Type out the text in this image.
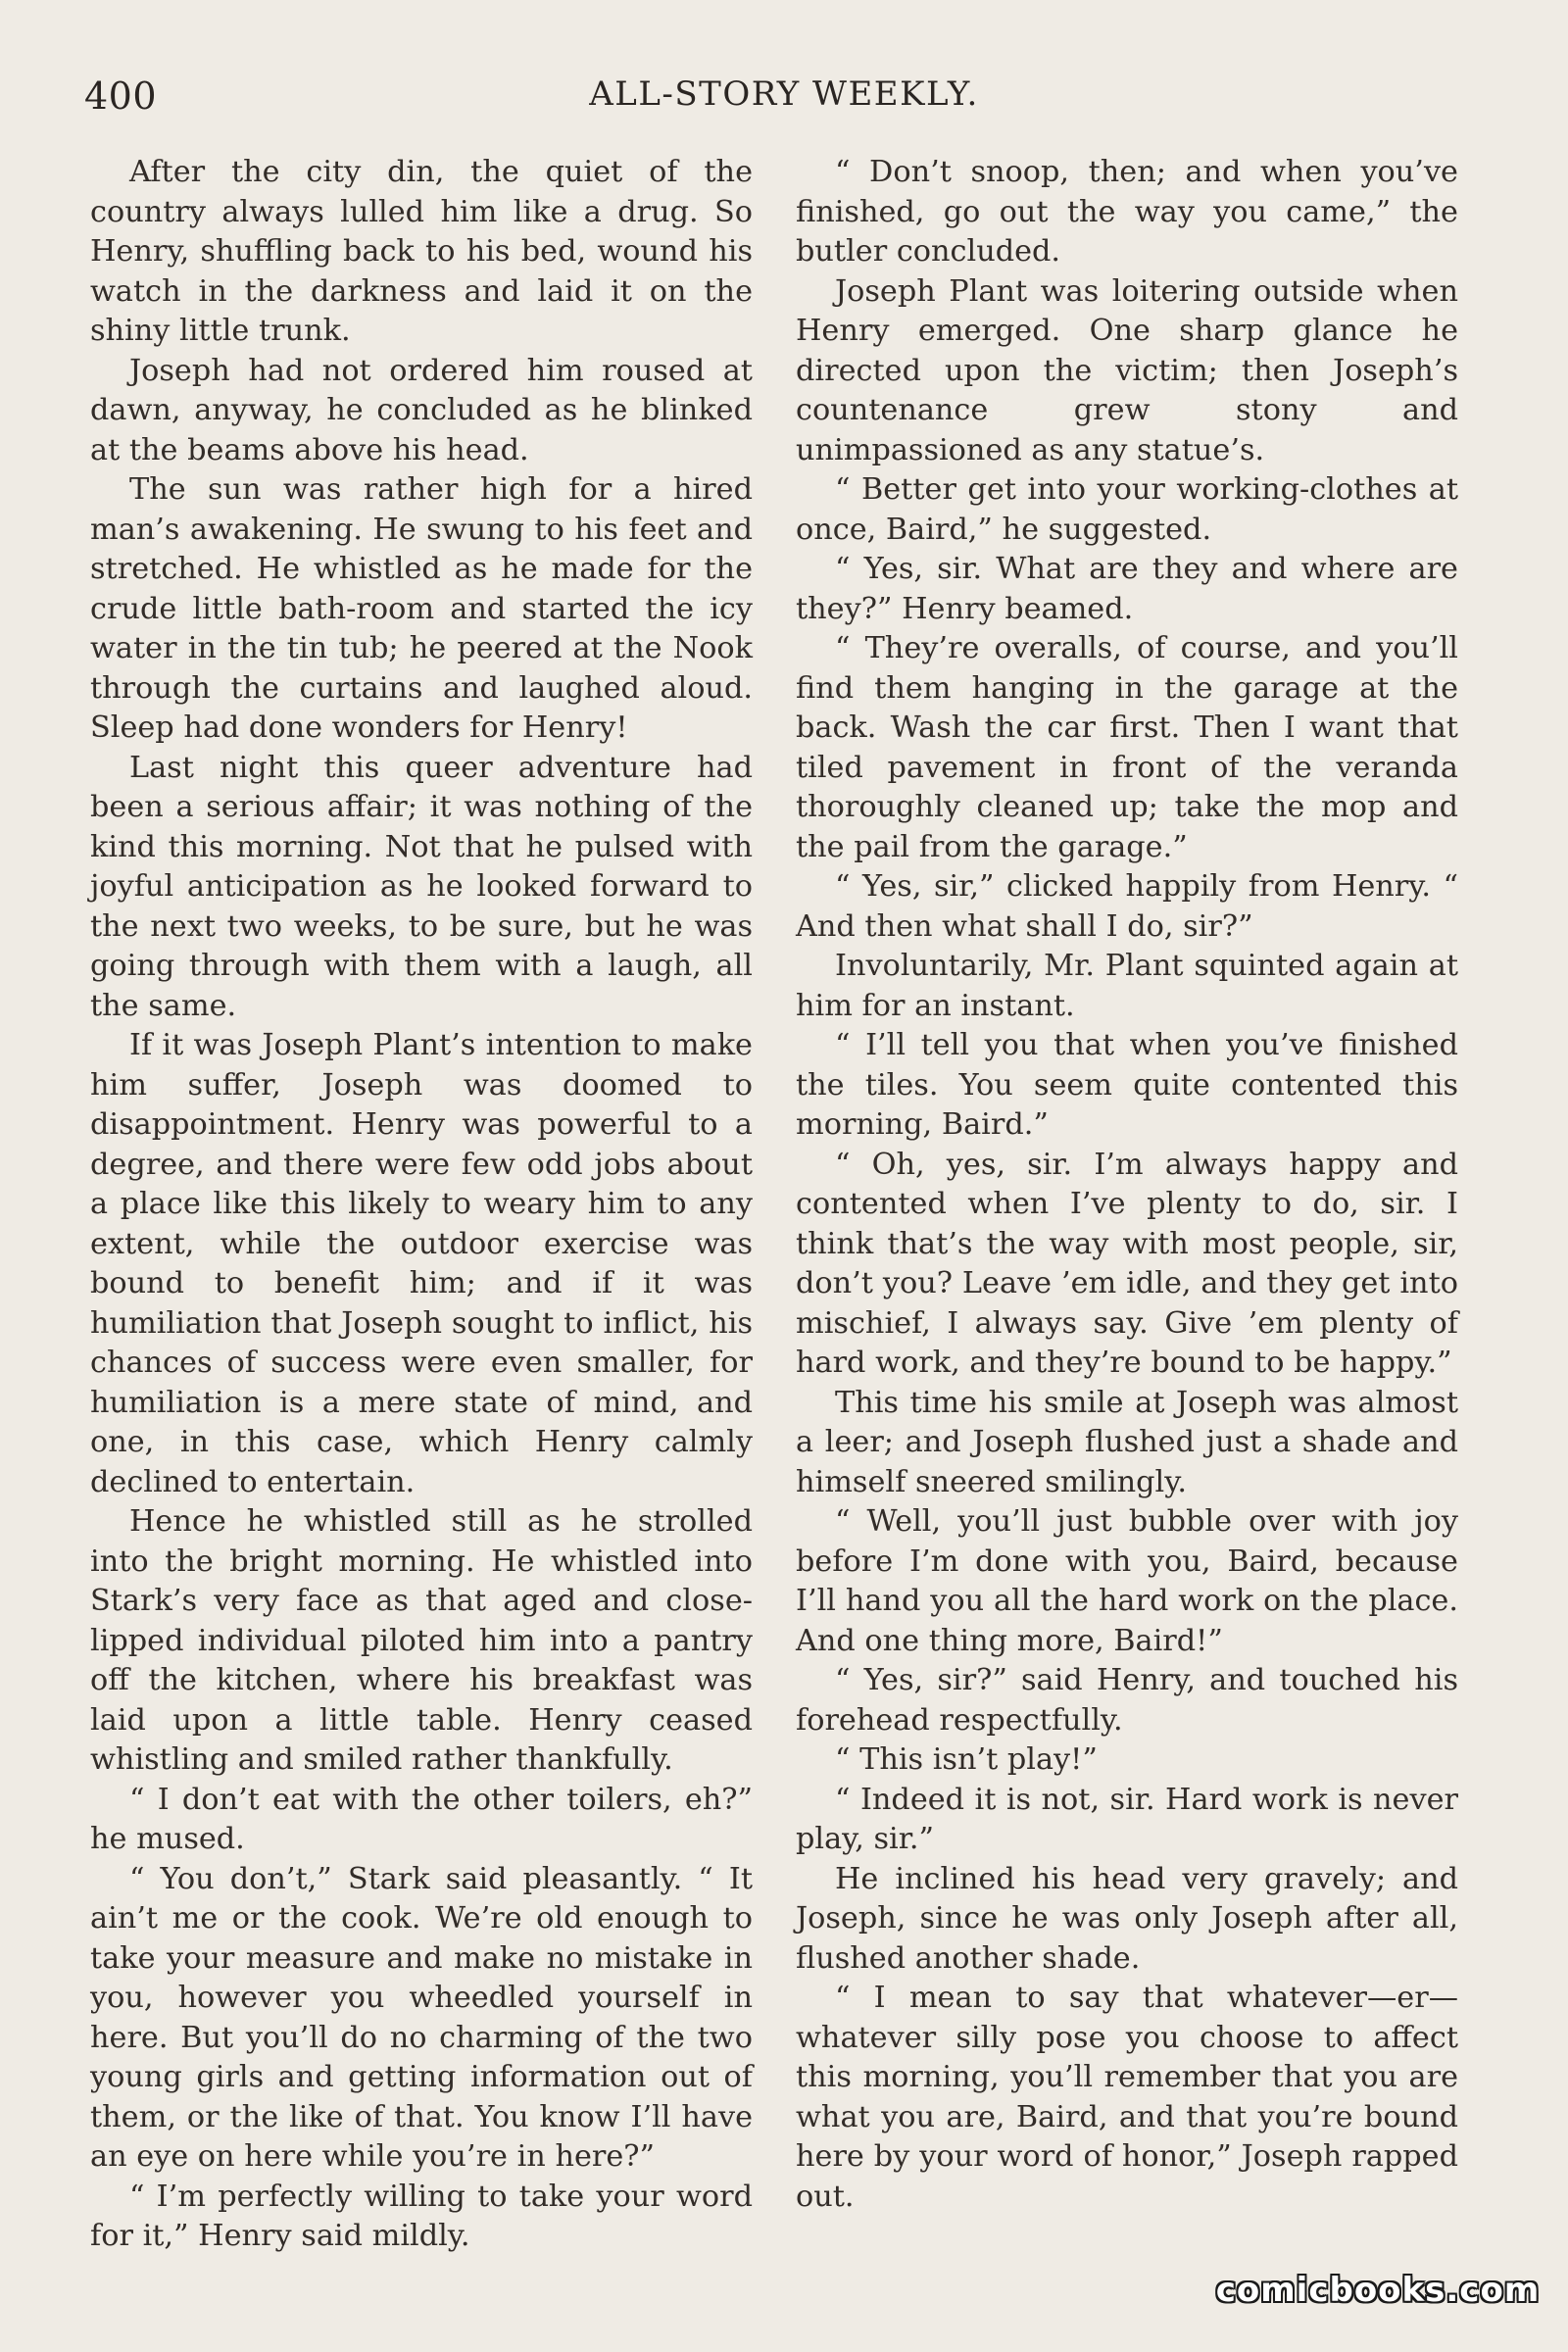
400	ALL-STORY WEEKLY.

After the city din, the quiet of the country always lulled him like a drug. So Henry, shuffling back to his bed, wound his watch in the darkness and laid it on the shiny little trunk.

Joseph had not ordered him roused at dawn, anyway, he concluded as he blinked at the beams above his head.

The sun was rather high for a hired man’s awakening. He swung to his feet and stretched. He whistled as he made for the crude little bath-room and started the icy water in the tin tub; he peered at the Nook through the curtains and laughed aloud. Sleep had done wonders for Henry!

Last night this queer adventure had been a serious affair; it was nothing of the kind this morning. Not that he pulsed with joyful anticipation as he looked forward to the next two weeks, to be sure, but he was going through with them with a laugh, all the same.

If it was Joseph Plant’s intention to make him suffer, Joseph was doomed to disappointment. Henry was powerful to a degree, and there were few odd jobs about a place like this likely to weary him to any extent, while the outdoor exercise was bound to benefit him; and if it was humiliation that Joseph sought to inflict, his chances of success were even smaller, for humiliation is a mere state of mind, and one, in this case, which Henry calmly declined to entertain.

Hence he whistled still as he strolled into the bright morning. He whistled into Stark’s very face as that aged and close-lipped individual piloted him into a pantry off the kitchen, where his breakfast was laid upon a little table. Henry ceased whistling and smiled rather thankfully.

“ I don’t eat with the other toilers, eh?” he mused.

“ You don’t,” Stark said pleasantly. “ It ain’t me or the cook. We’re old enough to take your measure and make no mistake in you, however you wheedled yourself in here. But you’ll do no charming of the two young girls and getting information out of them, or the like of that. You know I’ll have an eye on here while you’re in here?”

“ I’m perfectly willing to take your word for it,” Henry said mildly.

“ Don’t snoop, then; and when you’ve finished, go out the way you came,” the butler concluded.

Joseph Plant was loitering outside when Henry emerged. One sharp glance he directed upon the victim; then Joseph’s countenance grew stony and unimpassioned as any statue’s.

“ Better get into your working-clothes at once, Baird,” he suggested.

“ Yes, sir. What are they and where are they?” Henry beamed.

“ They’re overalls, of course, and you’ll find them hanging in the garage at the back. Wash the car first. Then I want that tiled pavement in front of the veranda thoroughly cleaned up; take the mop and the pail from the garage.”

“ Yes, sir,” clicked happily from Henry. “ And then what shall I do, sir?”

Involuntarily, Mr. Plant squinted again at him for an instant.

“ I’ll tell you that when you’ve finished the tiles. You seem quite contented this morning, Baird.”

“ Oh, yes, sir. I’m always happy and contented when I’ve plenty to do, sir. I think that’s the way with most people, sir, don’t you? Leave ’em idle, and they get into mischief, I always say. Give ’em plenty of hard work, and they’re bound to be happy.”

This time his smile at Joseph was almost a leer; and Joseph flushed just a shade and himself sneered smilingly.

“ Well, you’ll just bubble over with joy before I’m done with you, Baird, because I’ll hand you all the hard work on the place. And one thing more, Baird!”

“ Yes, sir?” said Henry, and touched his forehead respectfully.

“ This isn’t play!”

“ Indeed it is not, sir. Hard work is never play, sir.”

He inclined his head very gravely; and Joseph, since he was only Joseph after all, flushed another shade.

“ I mean to say that whatever—er—whatever silly pose you choose to affect this morning, you’ll remember that you are what you are, Baird, and that you’re bound here by your word of honor,” Joseph rapped out.

comicbooks.com
